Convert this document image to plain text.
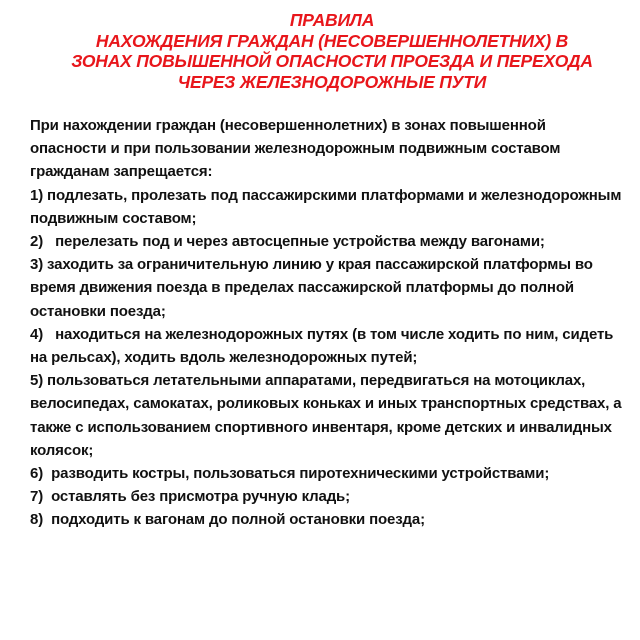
ПРАВИЛА
НАХОЖДЕНИЯ ГРАЖДАН (НЕСОВЕРШЕННОЛЕТНИХ) В
ЗОНАХ ПОВЫШЕННОЙ ОПАСНОСТИ ПРОЕЗДА И ПЕРЕХОДА
ЧЕРЕЗ ЖЕЛЕЗНОДОРОЖНЫЕ ПУТИ
При нахождении граждан (несовершеннолетних) в зонах повышенной опасности и при пользовании железнодорожным подвижным составом гражданам запрещается:
1) подлезать, пролезать под пассажирскими платформами и железнодорожным подвижным составом;
2)   перелезать под и через автосцепные устройства между вагонами;
3) заходить за ограничительную линию у края пассажирской платформы во время движения поезда в пределах пассажирской платформы до полной остановки поезда;
4)   находиться на железнодорожных путях (в том числе ходить по ним, сидеть на рельсах), ходить вдоль железнодорожных путей;
5) пользоваться летательными аппаратами, передвигаться на мотоциклах, велосипедах, самокатах, роликовых коньках и иных транспортных средствах, а также с использованием спортивного инвентаря, кроме детских и инвалидных колясок;
6)  разводить костры, пользоваться пиротехническими устройствами;
7)  оставлять без присмотра ручную кладь;
8)  подходить к вагонам до полной остановки поезда;
